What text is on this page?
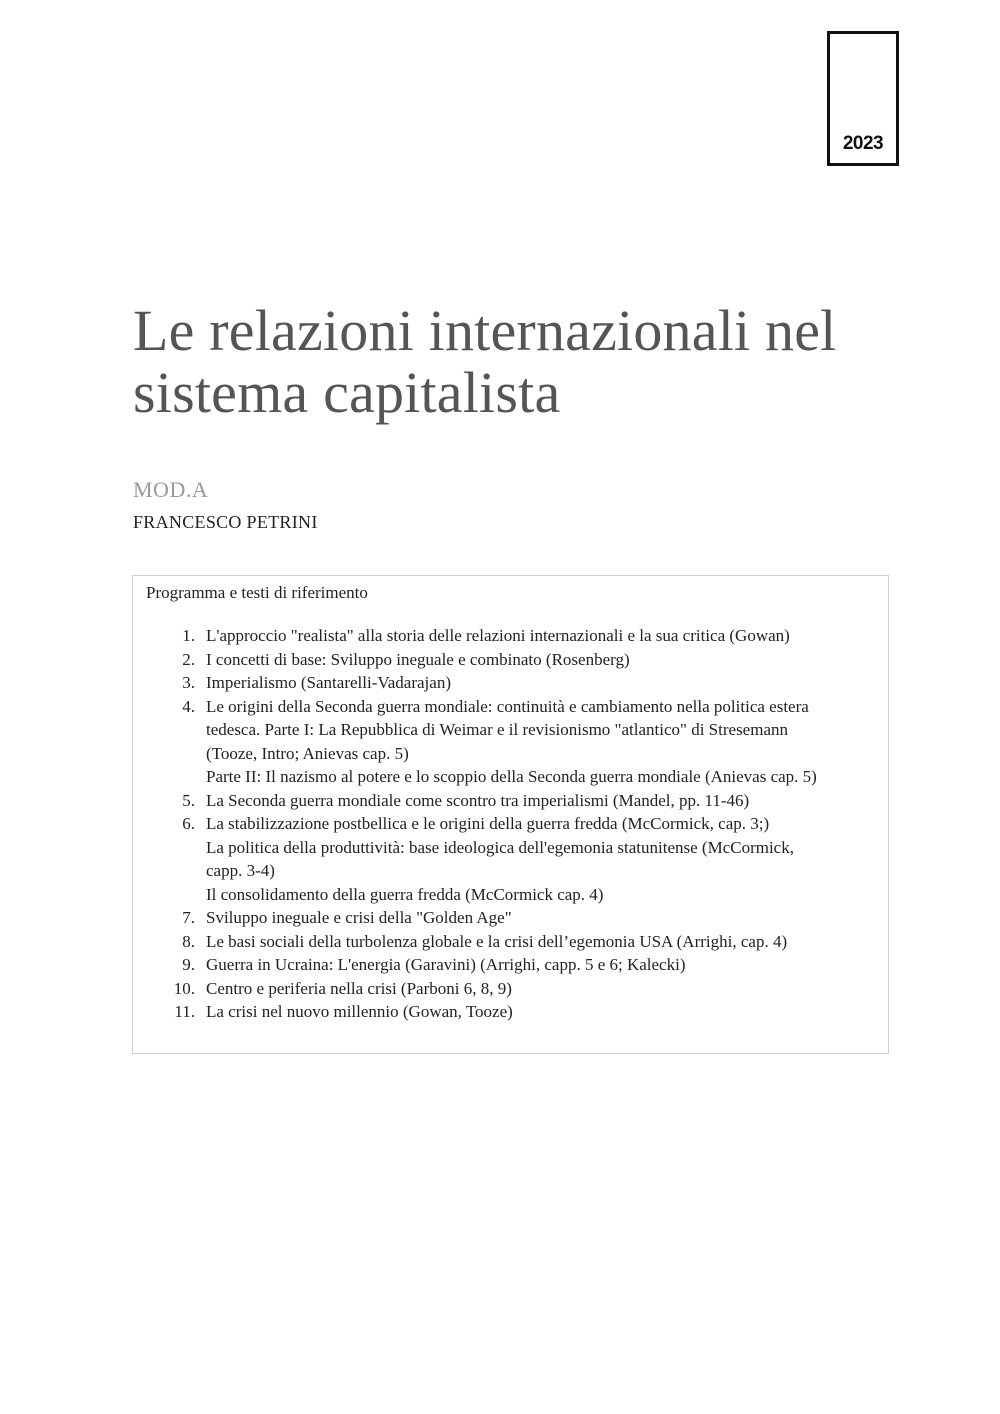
2023
Le relazioni internazionali nel
sistema capitalista
MOD.A
FRANCESCO PETRINI
Programma e testi di riferimento
1. L'approccio "realista" alla storia delle relazioni internazionali e la sua critica (Gowan)
2. I concetti di base: Sviluppo ineguale e combinato (Rosenberg)
3. Imperialismo (Santarelli-Vadarajan)
4. Le origini della Seconda guerra mondiale: continuità e cambiamento nella politica estera
tedesca. Parte I: La Repubblica di Weimar e il revisionismo "atlantico" di Stresemann
(Tooze, Intro; Anievas cap. 5)
Parte II: Il nazismo al potere e lo scoppio della Seconda guerra mondiale (Anievas cap. 5)
5. La Seconda guerra mondiale come scontro tra imperialismi (Mandel, pp. 11-46)
6. La stabilizzazione postbellica e le origini della guerra fredda (McCormick, cap. 3;)
La politica della produttività: base ideologica dell'egemonia statunitense (McCormick,
capp. 3-4)
Il consolidamento della guerra fredda (McCormick cap. 4)
7. Sviluppo ineguale e crisi della "Golden Age"
8. Le basi sociali della turbolenza globale e la crisi dell’egemonia USA (Arrighi, cap. 4)
9. Guerra in Ucraina: L'energia (Garavini) (Arrighi, capp. 5 e 6; Kalecki)
10. Centro e periferia nella crisi (Parboni 6, 8, 9)
11. La crisi nel nuovo millennio (Gowan, Tooze)
